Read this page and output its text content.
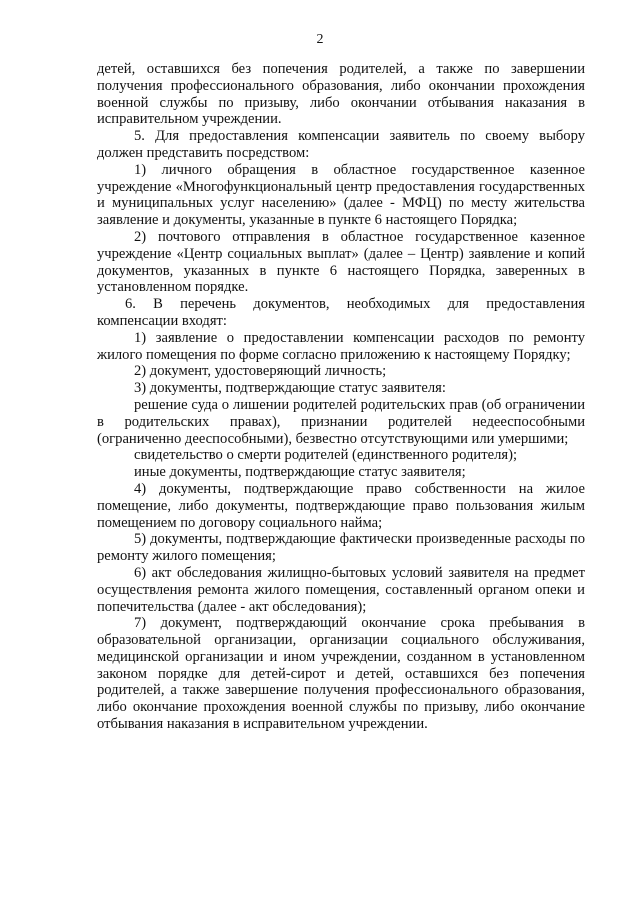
2

детей, оставшихся без попечения родителей, а также по завершении получения профессионального образования, либо окончании прохождения военной службы по призыву, либо окончании отбывания наказания в исправительном учреждении.

5. Для предоставления компенсации заявитель по своему выбору должен представить посредством:

1) личного обращения в областное государственное казенное учреждение «Многофункциональный центр предоставления государственных и муниципальных услуг населению» (далее - МФЦ) по месту жительства заявление и документы, указанные в пункте 6 настоящего Порядка;

2) почтового отправления в областное государственное казенное учреждение «Центр социальных выплат» (далее – Центр) заявление и копий документов, указанных в пункте 6 настоящего Порядка, заверенных в установленном порядке.

6. В перечень документов, необходимых для предоставления компенсации входят:

1) заявление о предоставлении компенсации расходов по ремонту жилого помещения по форме согласно приложению к настоящему Порядку;

2) документ, удостоверяющий личность;

3) документы, подтверждающие статус заявителя:

решение суда о лишении родителей родительских прав (об ограничении в родительских правах), признании родителей недееспособными (ограниченно дееспособными), безвестно отсутствующими или умершими;

свидетельство о смерти родителей (единственного родителя);

иные документы, подтверждающие статус заявителя;

4) документы, подтверждающие право собственности на жилое помещение, либо документы, подтверждающие право пользования жилым помещением по договору социального найма;

5) документы, подтверждающие фактически произведенные расходы по ремонту жилого помещения;

6) акт обследования жилищно-бытовых условий заявителя на предмет осуществления ремонта жилого помещения, составленный органом опеки и попечительства (далее - акт обследования);

7) документ, подтверждающий окончание срока пребывания в образовательной организации, организации социального обслуживания, медицинской организации и ином учреждении, созданном в установленном законом порядке для детей-сирот и детей, оставшихся без попечения родителей, а также завершение получения профессионального образования, либо окончание прохождения военной службы по призыву, либо окончание отбывания наказания в исправительном учреждении.
